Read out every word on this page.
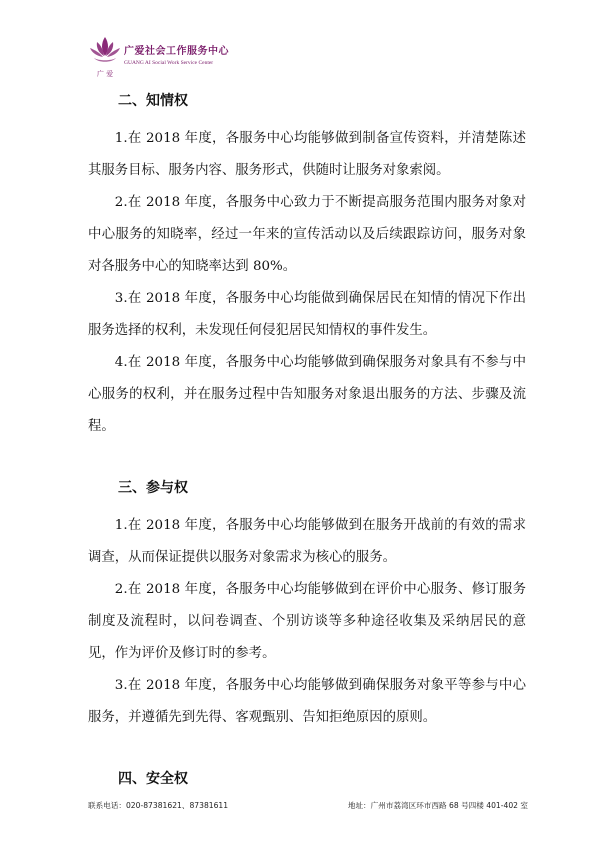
广 爱
广爱社会工作服务中心
GUANG AI Social Work Service Center
二、知情权

1.在 2018 年度，各服务中心均能够做到制备宣传资料，并清楚陈述其服务目标、服务内容、服务形式，供随时让服务对象索阅。

2.在 2018 年度，各服务中心致力于不断提高服务范围内服务对象对中心服务的知晓率，经过一年来的宣传活动以及后续跟踪访问，服务对象对各服务中心的知晓率达到 80%。

3.在 2018 年度，各服务中心均能做到确保居民在知情的情况下作出服务选择的权利，未发现任何侵犯居民知情权的事件发生。

4.在 2018 年度，各服务中心均能够做到确保服务对象具有不参与中心服务的权利，并在服务过程中告知服务对象退出服务的方法、步骤及流程。

三、参与权

1.在 2018 年度，各服务中心均能够做到在服务开战前的有效的需求调查，从而保证提供以服务对象需求为核心的服务。

2.在 2018 年度，各服务中心均能够做到在评价中心服务、修订服务制度及流程时，以问卷调查、个别访谈等多种途径收集及采纳居民的意见，作为评价及修订时的参考。

3.在 2018 年度，各服务中心均能够做到确保服务对象平等参与中心服务，并遵循先到先得、客观甄别、告知拒绝原因的原则。

四、安全权
联系电话：020-87381621、87381611	地址：广州市荔湾区环市西路 68 号四楼 401-402 室
